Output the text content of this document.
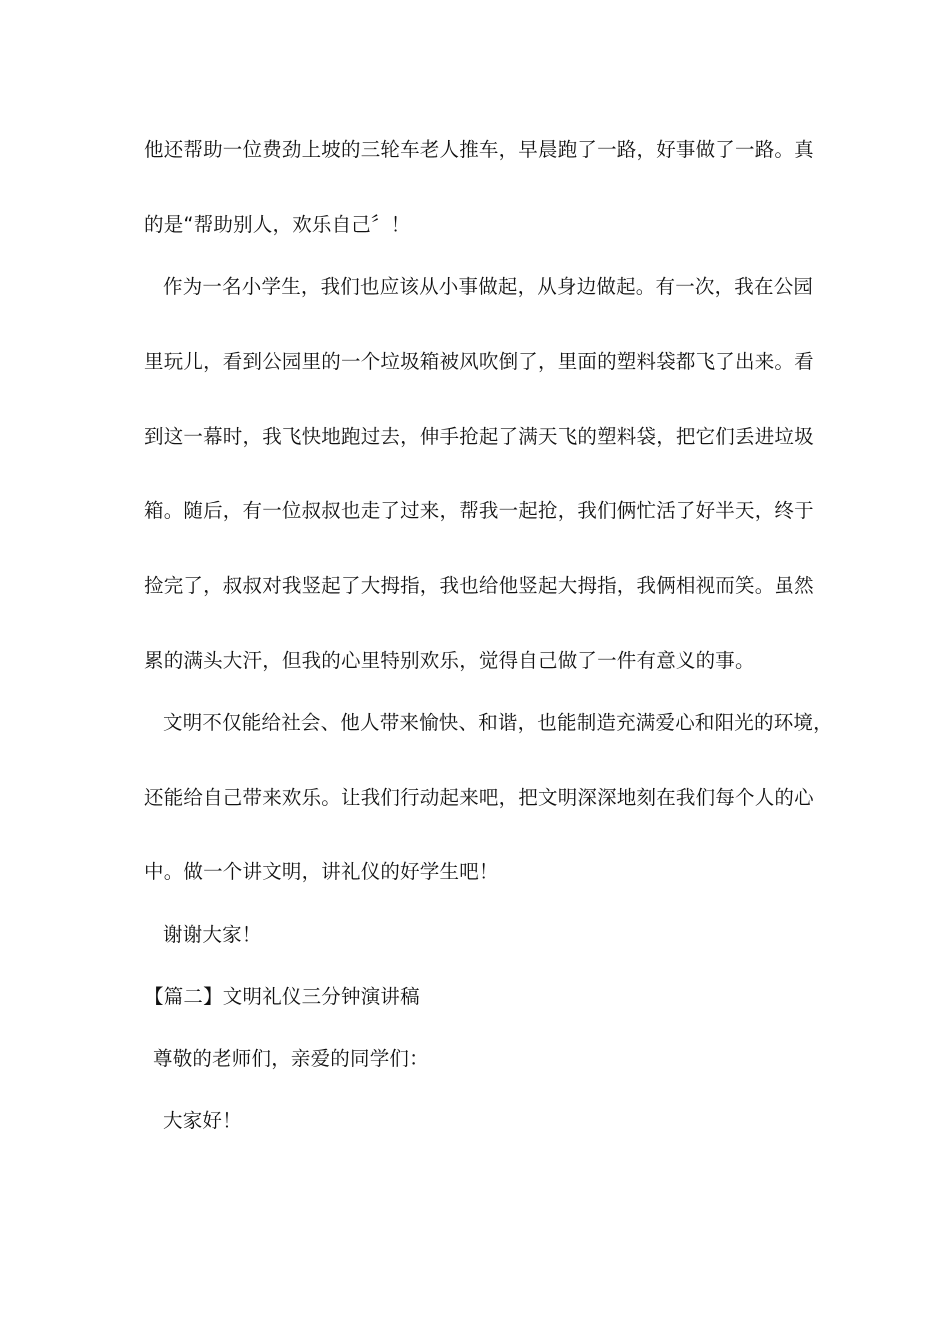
他还帮助一位费劲上坡的三轮车老人推车，早晨跑了一路，好事做了一路。真
的是“帮助别人，欢乐自己〞！
作为一名小学生，我们也应该从小事做起，从身边做起。有一次，我在公园
里玩儿，看到公园里的一个垃圾箱被风吹倒了，里面的塑料袋都飞了出来。看
到这一幕时，我飞快地跑过去，伸手抢起了满天飞的塑料袋，把它们丢进垃圾
箱。随后，有一位叔叔也走了过来，帮我一起抢，我们俩忙活了好半天，终于
捡完了，叔叔对我竖起了大拇指，我也给他竖起大拇指，我俩相视而笑。虽然
累的满头大汗，但我的心里特别欢乐，觉得自己做了一件有意义的事。
文明不仅能给社会、他人带来愉快、和谐，也能制造充满爱心和阳光的环境，
还能给自己带来欢乐。让我们行动起来吧，把文明深深地刻在我们每个人的心
中。做一个讲文明，讲礼仪的好学生吧！
谢谢大家！
【篇二】文明礼仪三分钟演讲稿
尊敬的老师们，亲爱的同学们：
大家好！
